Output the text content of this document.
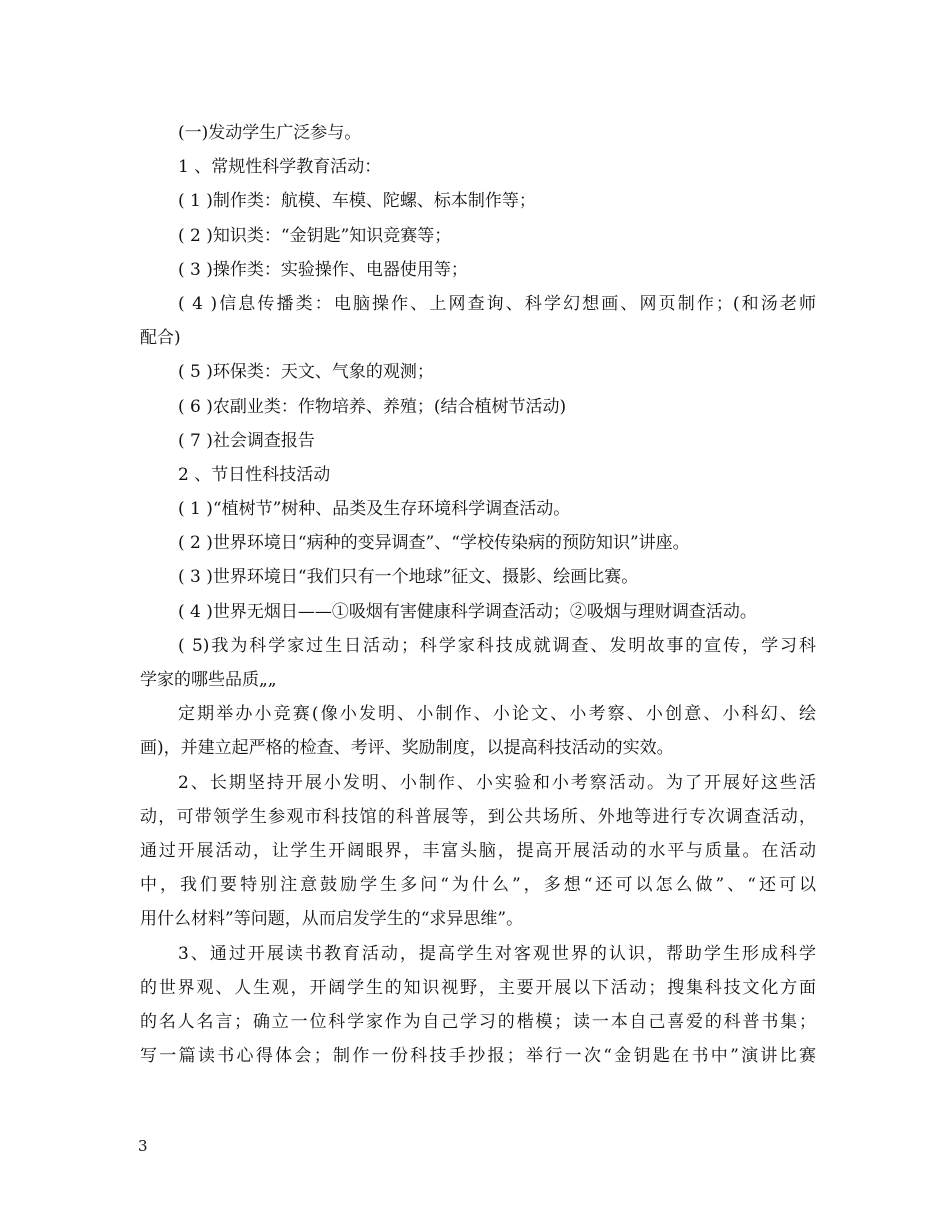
(一)发动学生广泛参与。
1 、常规性科学教育活动：
( 1 )制作类：航模、车模、陀螺、标本制作等；
( 2 )知识类：“金钥匙”知识竞赛等；
( 3 )操作类：实验操作、电器使用等；
( 4 )信息传播类：电脑操作、上网查询、科学幻想画、网页制作；(和汤老师
配合)
( 5 )环保类：天文、气象的观测；
( 6 )农副业类：作物培养、养殖；(结合植树节活动)
( 7 )社会调查报告
2 、节日性科技活动
( 1 )“植树节”树种、品类及生存环境科学调查活动。
( 2 )世界环境日“病种的变异调查”、“学校传染病的预防知识”讲座。
( 3 )世界环境日“我们只有一个地球”征文、摄影、绘画比赛。
( 4 )世界无烟日——①吸烟有害健康科学调查活动；②吸烟与理财调查活动。
( 5)我为科学家过生日活动；科学家科技成就调查、发明故事的宣传，学习科
学家的哪些品质„„
定期举办小竞赛(像小发明、小制作、小论文、小考察、小创意、小科幻、绘
画)，并建立起严格的检查、考评、奖励制度，以提高科技活动的实效。
2、长期坚持开展小发明、小制作、小实验和小考察活动。为了开展好这些活
动，可带领学生参观市科技馆的科普展等，到公共场所、外地等进行专次调查活动，
通过开展活动，让学生开阔眼界，丰富头脑，提高开展活动的水平与质量。在活动
中，我们要特别注意鼓励学生多问“为什么”，多想“还可以怎么做”、“还可以
用什么材料”等问题，从而启发学生的“求异思维”。
3、通过开展读书教育活动，提高学生对客观世界的认识，帮助学生形成科学
的世界观、人生观，开阔学生的知识视野，主要开展以下活动；搜集科技文化方面
的名人名言；确立一位科学家作为自己学习的楷模；读一本自己喜爱的科普书集；
写一篇读书心得体会；制作一份科技手抄报；举行一次“金钥匙在书中”演讲比赛
3
